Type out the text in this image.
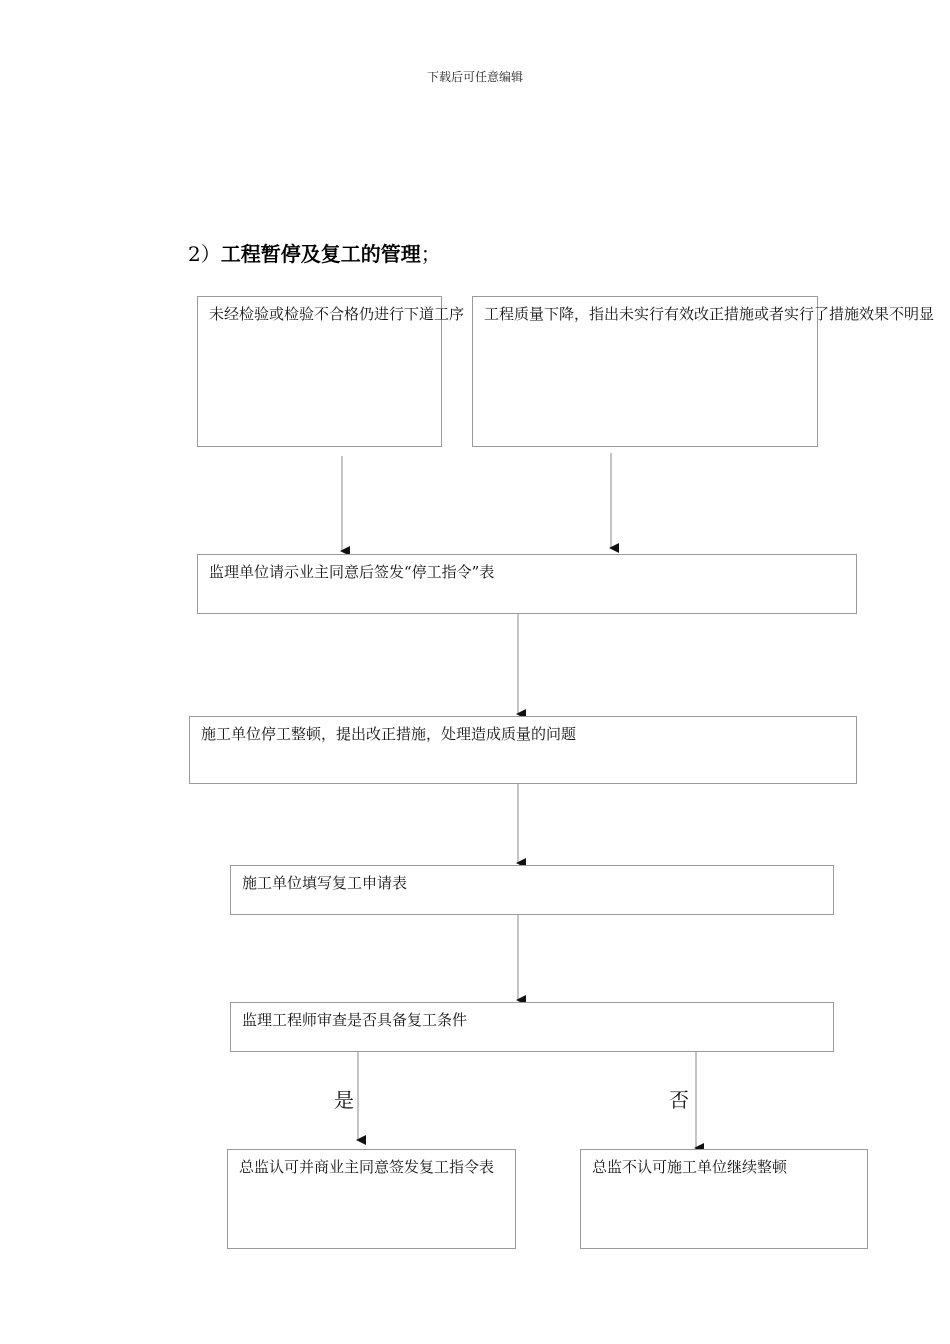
下载后可任意编辑
2）工程暂停及复工的管理；
未经检验或检验不合格仍进行下道工序 工程质量下降，指出未实行有效改正措施或者实行了措施效果不明显
监理单位请示业主同意后签发“停工指令”表
施工单位停工整顿，提出改正措施，处理造成质量的问题
施工单位填写复工申请表
监理工程师审查是否具备复工条件
是	否
总监认可并商业主同意签发复工指令表	总监不认可施工单位继续整顿
